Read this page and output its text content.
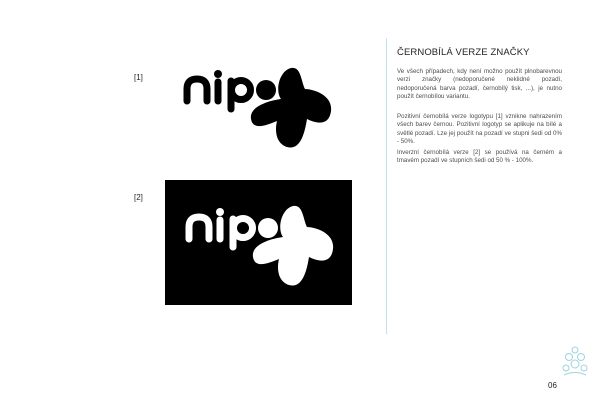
[1]
[2]
ČERNOBÍLÁ VERZE ZNAČKY

Ve všech případech, kdy není možno použít plnobarevnou verzi značky (nedoporučené neklidné pozadí, nedoporučená barva pozadí, černobílý tisk, ...), je nutno použít černobílou variantu.

Pozitivní černobílá verze logotypu [1] vznikne nahrazením všech barev černou. Pozitivní logotyp se aplikuje na bílé a světlé pozadí. Lze jej použít na pozadí ve stupni šedi od 0% - 50%.

Inverzní černobílá verze [2] se používá na černém a tmavém pozadí ve stupních šedi od 50 % - 100%.

06
